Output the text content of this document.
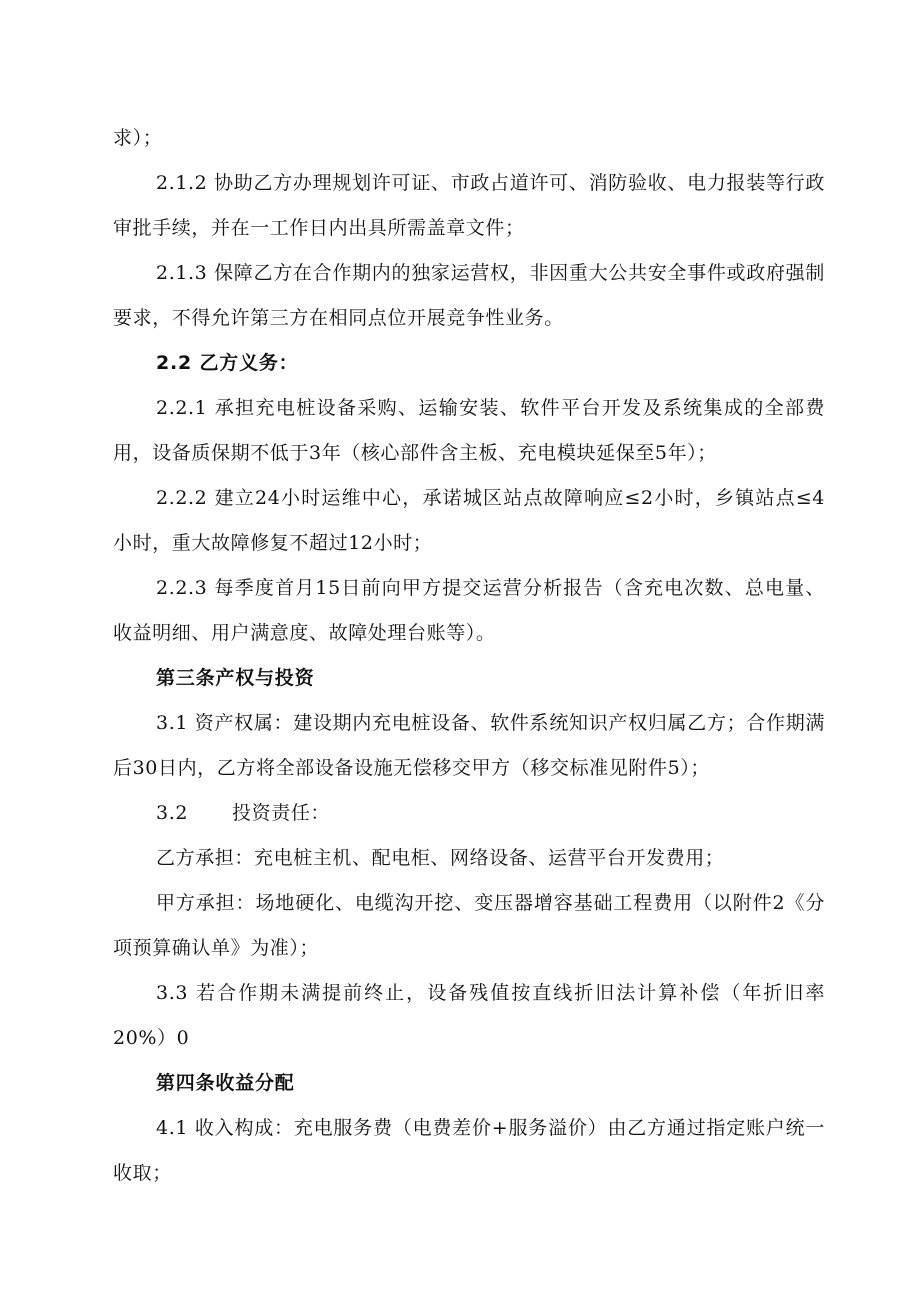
求）；

2.1.2 协助乙方办理规划许可证、市政占道许可、消防验收、电力报装等行政审批手续，并在一工作日内出具所需盖章文件；

2.1.3 保障乙方在合作期内的独家运营权，非因重大公共安全事件或政府强制要求，不得允许第三方在相同点位开展竞争性业务。

2.2 乙方义务：

2.2.1 承担充电桩设备采购、运输安装、软件平台开发及系统集成的全部费用，设备质保期不低于3年（核心部件含主板、充电模块延保至5年）；

2.2.2 建立24小时运维中心，承诺城区站点故障响应≤2小时，乡镇站点≤4小时，重大故障修复不超过12小时；

2.2.3 每季度首月15日前向甲方提交运营分析报告（含充电次数、总电量、收益明细、用户满意度、故障处理台账等）。

第三条产权与投资

3.1 资产权属：建设期内充电桩设备、软件系统知识产权归属乙方；合作期满后30日内，乙方将全部设备设施无偿移交甲方（移交标准见附件5）；

3.2 投资责任：

乙方承担：充电桩主机、配电柜、网络设备、运营平台开发费用；

甲方承担：场地硬化、电缆沟开挖、变压器增容基础工程费用（以附件2《分项预算确认单》为准）；

3.3 若合作期未满提前终止，设备残值按直线折旧法计算补偿（年折旧率20%）0

第四条收益分配

4.1 收入构成：充电服务费（电费差价+服务溢价）由乙方通过指定账户统一收取；
